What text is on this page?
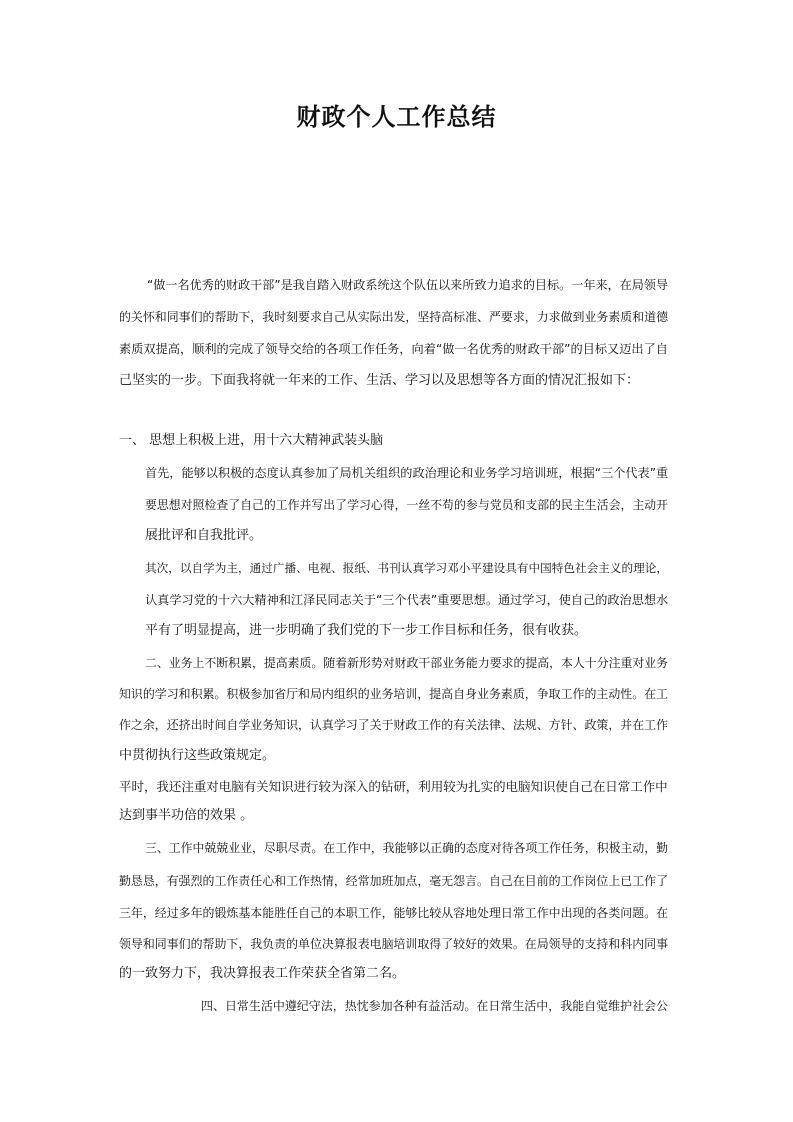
财政个人工作总结
“做一名优秀的财政干部”是我自踏入财政系统这个队伍以来所致力追求的目标。一年来，在局领导
的关怀和同事们的帮助下，我时刻要求自己从实际出发，坚持高标准、严要求，力求做到业务素质和道德
素质双提高，顺利的完成了领导交给的各项工作任务，向着“做一名优秀的财政干部”的目标又迈出了自
己坚实的一步。下面我将就一年来的工作、生活、学习以及思想等各方面的情况汇报如下：
一、 思想上积极上进，用十六大精神武装头脑
首先，能够以积极的态度认真参加了局机关组织的政治理论和业务学习培训班，根据“三个代表”重
要思想对照检查了自己的工作并写出了学习心得，一丝不苟的参与党员和支部的民主生活会，主动开
展批评和自我批评。
其次，以自学为主，通过广播、电视、报纸、书刊认真学习邓小平建设具有中国特色社会主义的理论，
认真学习党的十六大精神和江泽民同志关于“三个代表”重要思想。通过学习，使自己的政治思想水
平有了明显提高，进一步明确了我们党的下一步工作目标和任务，很有收获。
二、业务上不断积累，提高素质。随着新形势对财政干部业务能力要求的提高，本人十分注重对业务
知识的学习和积累。积极参加省厅和局内组织的业务培训，提高自身业务素质，争取工作的主动性。在工
作之余，还挤出时间自学业务知识，认真学习了关于财政工作的有关法律、法规、方针、政策，并在工作
中贯彻执行这些政策规定。
平时，我还注重对电脑有关知识进行较为深入的钻研，利用较为扎实的电脑知识使自己在日常工作中
达到事半功倍的效果 。
三、工作中兢兢业业，尽职尽责。在工作中，我能够以正确的态度对待各项工作任务，积极主动，勤
勤恳恳，有强烈的工作责任心和工作热情，经常加班加点，毫无怨言。自己在目前的工作岗位上已工作了
三年，经过多年的锻炼基本能胜任自己的本职工作，能够比较从容地处理日常工作中出现的各类问题。在
领导和同事们的帮助下，我负责的单位决算报表电脑培训取得了较好的效果。在局领导的支持和科内同事
的一致努力下，我决算报表工作荣获全省第二名。
四、日常生活中遵纪守法，热忱参加各种有益活动。在日常生活中，我能自觉维护社会公
